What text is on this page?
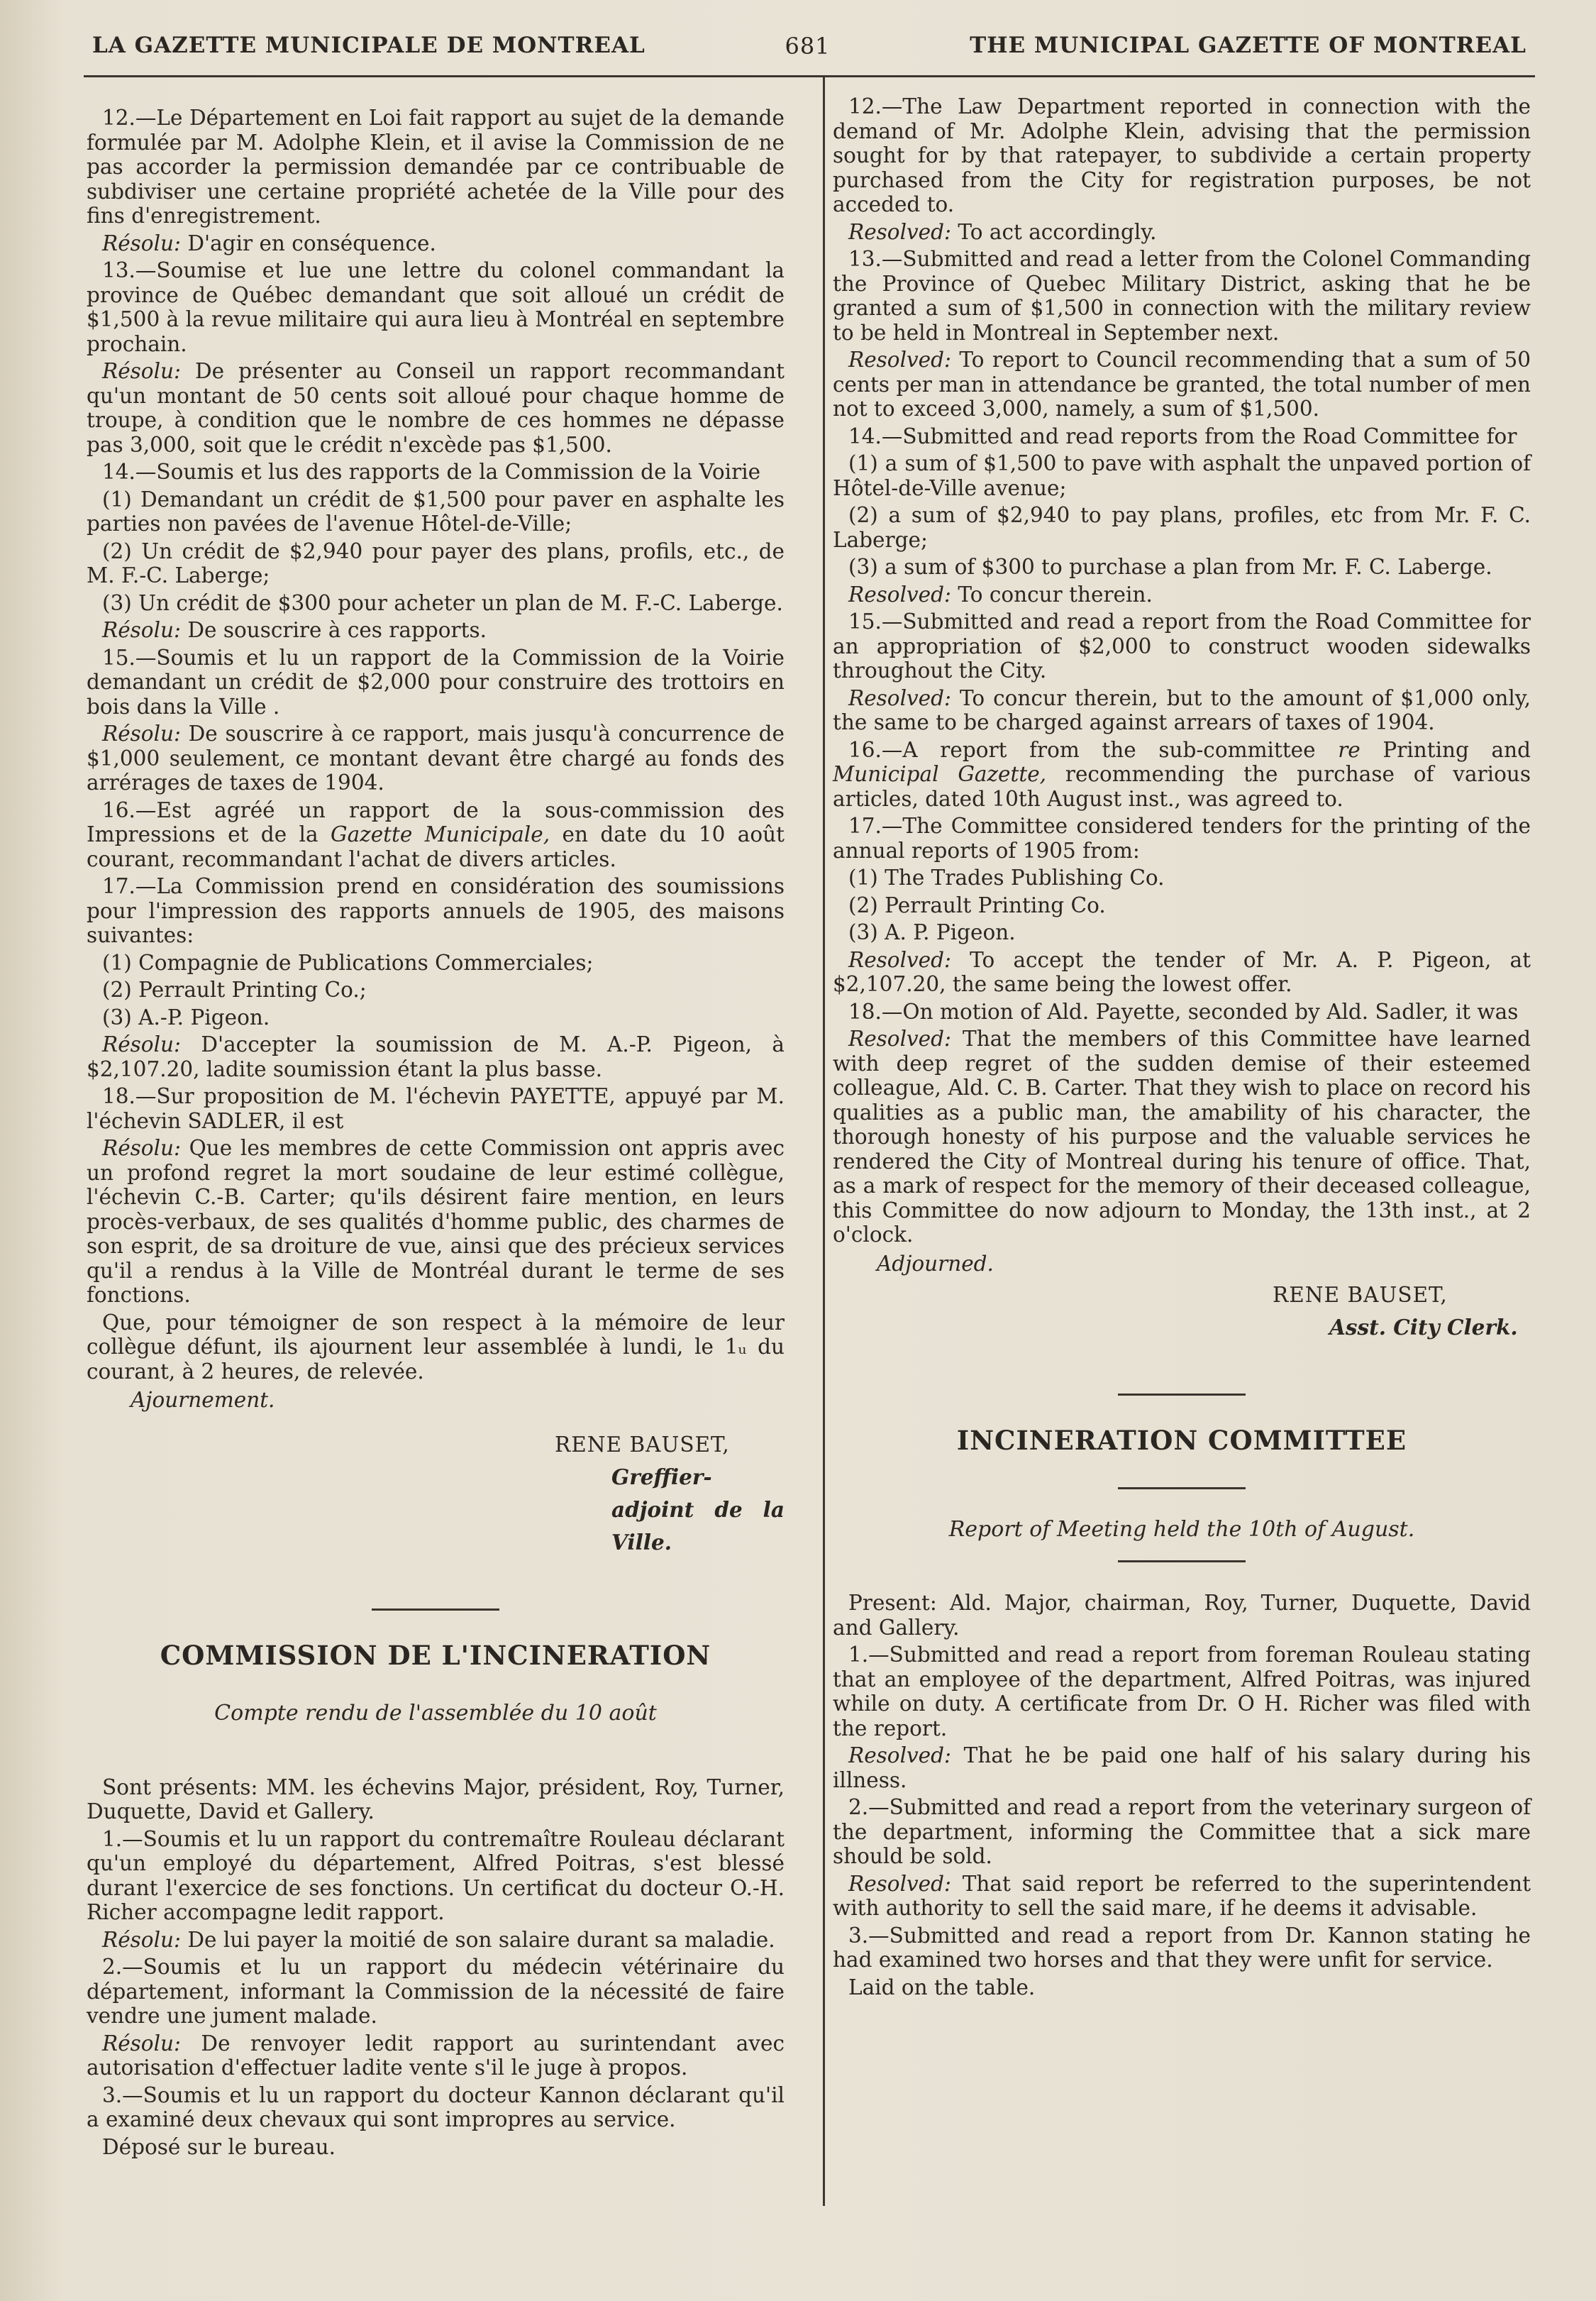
LA GAZETTE MUNICIPALE DE MONTREAL	681	THE MUNICIPAL GAZETTE OF MONTREAL

12.—Le Département en Loi fait rapport au sujet de la demande formulée par M. Adolphe Klein, et il avise la Commission de ne pas accorder la permission demandée par ce contribuable de subdiviser une certaine propriété achetée de la Ville pour des fins d'enregistrement.

Résolu: D'agir en conséquence.

13.—Soumise et lue une lettre du colonel commandant la province de Québec demandant que soit alloué un crédit de $1,500 à la revue militaire qui aura lieu à Montréal en septembre prochain.

Résolu: De présenter au Conseil un rapport recommandant qu'un montant de 50 cents soit alloué pour chaque homme de troupe, à condition que le nombre de ces hommes ne dépasse pas 3,000, soit que le crédit n'excède pas $1,500.

14.—Soumis et lus des rapports de la Commission de la Voirie

(1) Demandant un crédit de $1,500 pour paver en asphalte les parties non pavées de l'avenue Hôtel-de-Ville;

(2) Un crédit de $2,940 pour payer des plans, profils, etc., de M. F.-C. Laberge;

(3) Un crédit de $300 pour acheter un plan de M. F.-C. Laberge.

Résolu: De souscrire à ces rapports.

15.—Soumis et lu un rapport de la Commission de la Voirie demandant un crédit de $2,000 pour construire des trottoirs en bois dans la Ville .

Résolu: De souscrire à ce rapport, mais jusqu'à concurrence de $1,000 seulement, ce montant devant être chargé au fonds des arrérages de taxes de 1904.

16.—Est agréé un rapport de la sous-commission des Impressions et de la Gazette Municipale, en date du 10 août courant, recommandant l'achat de divers articles.

17.—La Commission prend en considération des soumissions pour l'impression des rapports annuels de 1905, des maisons suivantes:

(1) Compagnie de Publications Commerciales;

(2) Perrault Printing Co.;

(3) A.-P. Pigeon.

Résolu: D'accepter la soumission de M. A.-P. Pigeon, à $2,107.20, ladite soumission étant la plus basse.

18.—Sur proposition de M. l'échevin PAYETTE, appuyé par M. l'échevin SADLER, il est

Résolu: Que les membres de cette Commission ont appris avec un profond regret la mort soudaine de leur estimé collègue, l'échevin C.-B. Carter; qu'ils désirent faire mention, en leurs procès-verbaux, de ses qualités d'homme public, des charmes de son esprit, de sa droiture de vue, ainsi que des précieux services qu'il a rendus à la Ville de Montréal durant le terme de ses fonctions.

Que, pour témoigner de son respect à la mémoire de leur collègue défunt, ils ajournent leur assemblée à lundi, le 1ᵤ du courant, à 2 heures, de relevée.

Ajournement.

RENE BAUSET,
Greffier-adjoint de la Ville.
COMMISSION DE L'INCINERATION
Compte rendu de l'assemblée du 10 août

Sont présents: MM. les échevins Major, président, Roy, Turner, Duquette, David et Gallery.

1.—Soumis et lu un rapport du contremaître Rouleau déclarant qu'un employé du département, Alfred Poitras, s'est blessé durant l'exercice de ses fonctions. Un certificat du docteur O.-H. Richer accompagne ledit rapport.

Résolu: De lui payer la moitié de son salaire durant sa maladie.

2.—Soumis et lu un rapport du médecin vétérinaire du département, informant la Commission de la nécessité de faire vendre une jument malade.

Résolu: De renvoyer ledit rapport au surintendant avec autorisation d'effectuer ladite vente s'il le juge à propos.

3.—Soumis et lu un rapport du docteur Kannon déclarant qu'il a examiné deux chevaux qui sont impropres au service.

Déposé sur le bureau.

12.—The Law Department reported in connection with the demand of Mr. Adolphe Klein, advising that the permission sought for by that ratepayer, to subdivide a certain property purchased from the City for registration purposes, be not acceded to.

Resolved: To act accordingly.

13.—Submitted and read a letter from the Colonel Commanding the Province of Quebec Military District, asking that he be granted a sum of $1,500 in connection with the military review to be held in Montreal in September next.

Resolved: To report to Council recommending that a sum of 50 cents per man in attendance be granted, the total number of men not to exceed 3,000, namely, a sum of $1,500.

14.—Submitted and read reports from the Road Committee for

(1) a sum of $1,500 to pave with asphalt the unpaved portion of Hôtel-de-Ville avenue;

(2) a sum of $2,940 to pay plans, profiles, etc from Mr. F. C. Laberge;

(3) a sum of $300 to purchase a plan from Mr. F. C. Laberge.

Resolved: To concur therein.

15.—Submitted and read a report from the Road Committee for an appropriation of $2,000 to construct wooden sidewalks throughout the City.

Resolved: To concur therein, but to the amount of $1,000 only, the same to be charged against arrears of taxes of 1904.

16.—A report from the sub-committee re Printing and Municipal Gazette, recommending the purchase of various articles, dated 10th August inst., was agreed to.

17.—The Committee considered tenders for the printing of the annual reports of 1905 from:

(1) The Trades Publishing Co.

(2) Perrault Printing Co.

(3) A. P. Pigeon.

Resolved: To accept the tender of Mr. A. P. Pigeon, at $2,107.20, the same being the lowest offer.

18.—On motion of Ald. Payette, seconded by Ald. Sadler, it was

Resolved: That the members of this Committee have learned with deep regret of the sudden demise of their esteemed colleague, Ald. C. B. Carter. That they wish to place on record his qualities as a public man, the amability of his character, the thorough honesty of his purpose and the valuable services he rendered the City of Montreal during his tenure of office. That, as a mark of respect for the memory of their deceased colleague, this Committee do now adjourn to Monday, the 13th inst., at 2 o'clock.

Adjourned.

RENE BAUSET,
Asst. City Clerk.
INCINERATION COMMITTEE
Report of Meeting held the 10th of August.

Present: Ald. Major, chairman, Roy, Turner, Duquette, David and Gallery.

1.—Submitted and read a report from foreman Rouleau stating that an employee of the department, Alfred Poitras, was injured while on duty. A certificate from Dr. O H. Richer was filed with the report.

Resolved: That he be paid one half of his salary during his illness.

2.—Submitted and read a report from the veterinary surgeon of the department, informing the Committee that a sick mare should be sold.

Resolved: That said report be referred to the superintendent with authority to sell the said mare, if he deems it advisable.

3.—Submitted and read a report from Dr. Kannon stating he had examined two horses and that they were unfit for service.

Laid on the table.
